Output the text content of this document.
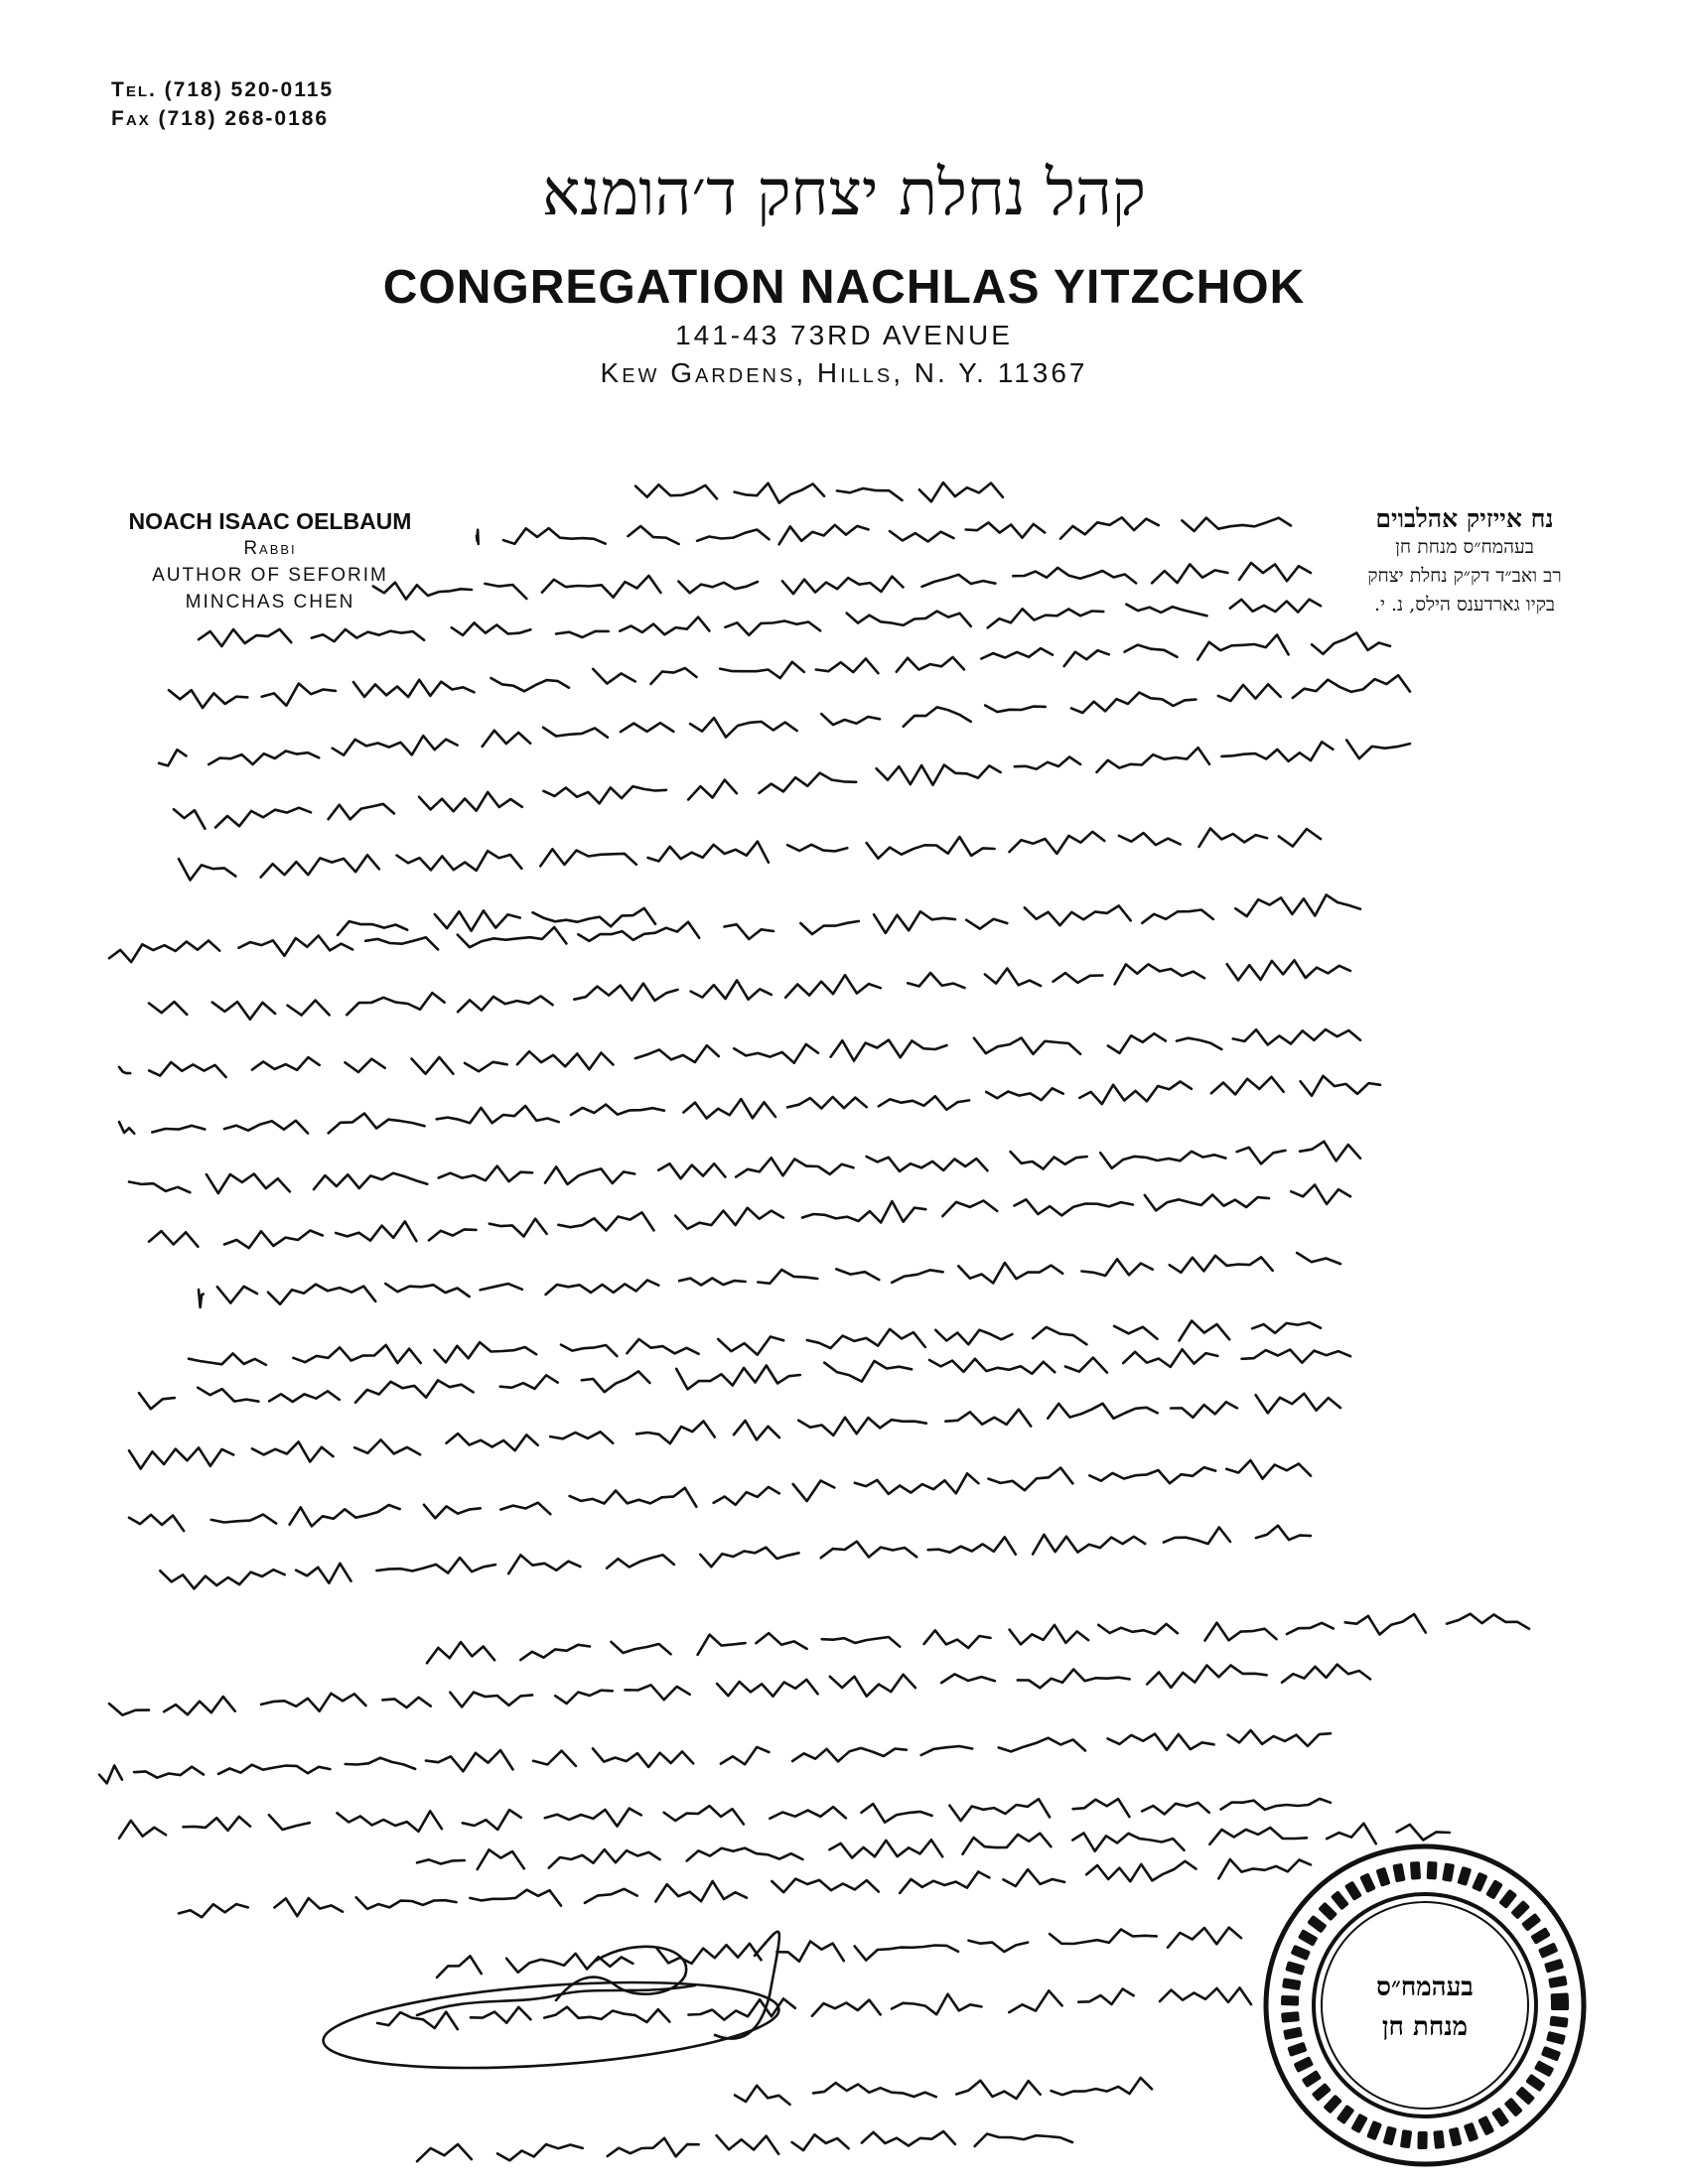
Tel. (718) 520-0115
Fax (718) 268-0186
קהל נחלת יצחק ד׳הומנא
CONGREGATION NACHLAS YITZCHOK
141-43 73RD AVENUE
Kew Gardens, Hills, N. Y. 11367
NOACH ISAAC OELBAUM
Rabbi
AUTHOR OF SEFORIM
MINCHAS CHEN
נח אייזיק אהלבוים
בעהמח״ס מנחת חן
רב ואב״ד דק״ק נחלת יצחק
בקיו גארדענס הילס, נ. י.
בעהמח״ס
מנחת חן
